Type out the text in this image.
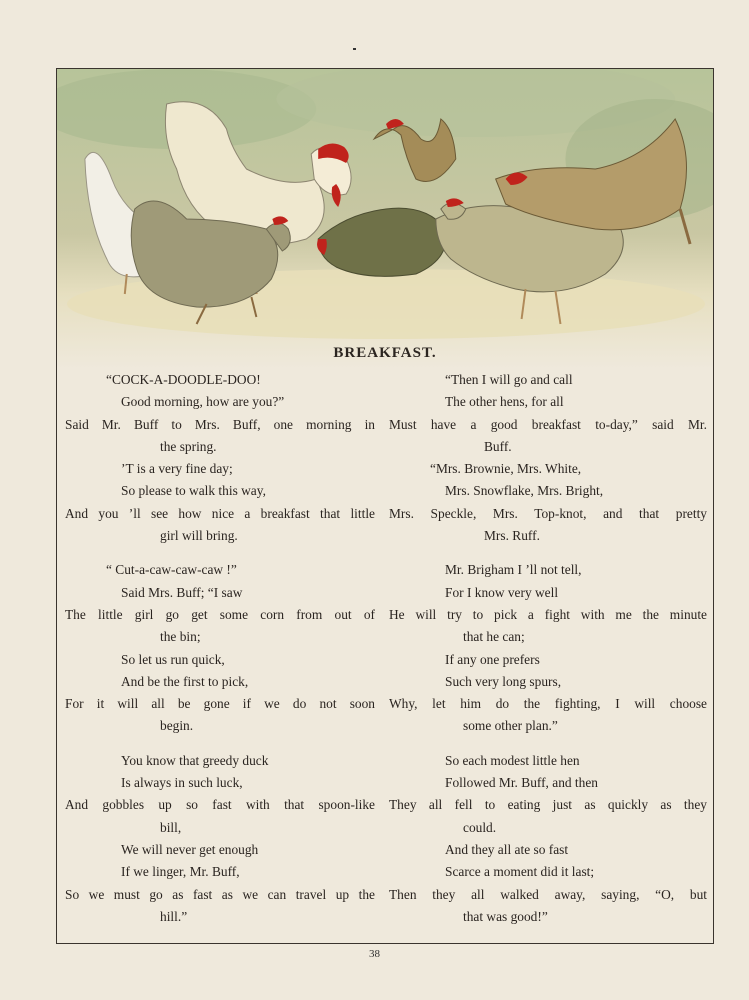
BREAKFAST.
“COCK-A-DOODLE-DOO!
Good morning, how are you?”
Said Mr. Buff to Mrs. Buff, one morning in
the spring.
’T is a very fine day;
So please to walk this way,
And you ’ll see how nice a breakfast that little
girl will bring.
“ Cut-a-caw-caw-caw !”
Said Mrs. Buff; “I saw
The little girl go get some corn from out of
the bin;
So let us run quick,
And be the first to pick,
For it will all be gone if we do not soon
begin.
You know that greedy duck
Is always in such luck,
And gobbles up so fast with that spoon-like
bill,
We will never get enough
If we linger, Mr. Buff,
So we must go as fast as we can travel up the
hill.”
“Then I will go and call
The other hens, for all
Must have a good breakfast to-day,” said Mr.
Buff.
“Mrs. Brownie, Mrs. White,
Mrs. Snowflake, Mrs. Bright,
Mrs. Speckle, Mrs. Top-knot, and that pretty
Mrs. Ruff.
Mr. Brigham I ’ll not tell,
For I know very well
He will try to pick a fight with me the minute
that he can;
If any one prefers
Such very long spurs,
Why, let him do the fighting, I will choose
some other plan.”
So each modest little hen
Followed Mr. Buff, and then
They all fell to eating just as quickly as they
could.
And they all ate so fast
Scarce a moment did it last;
Then they all walked away, saying, “O, but
that was good!”
38
